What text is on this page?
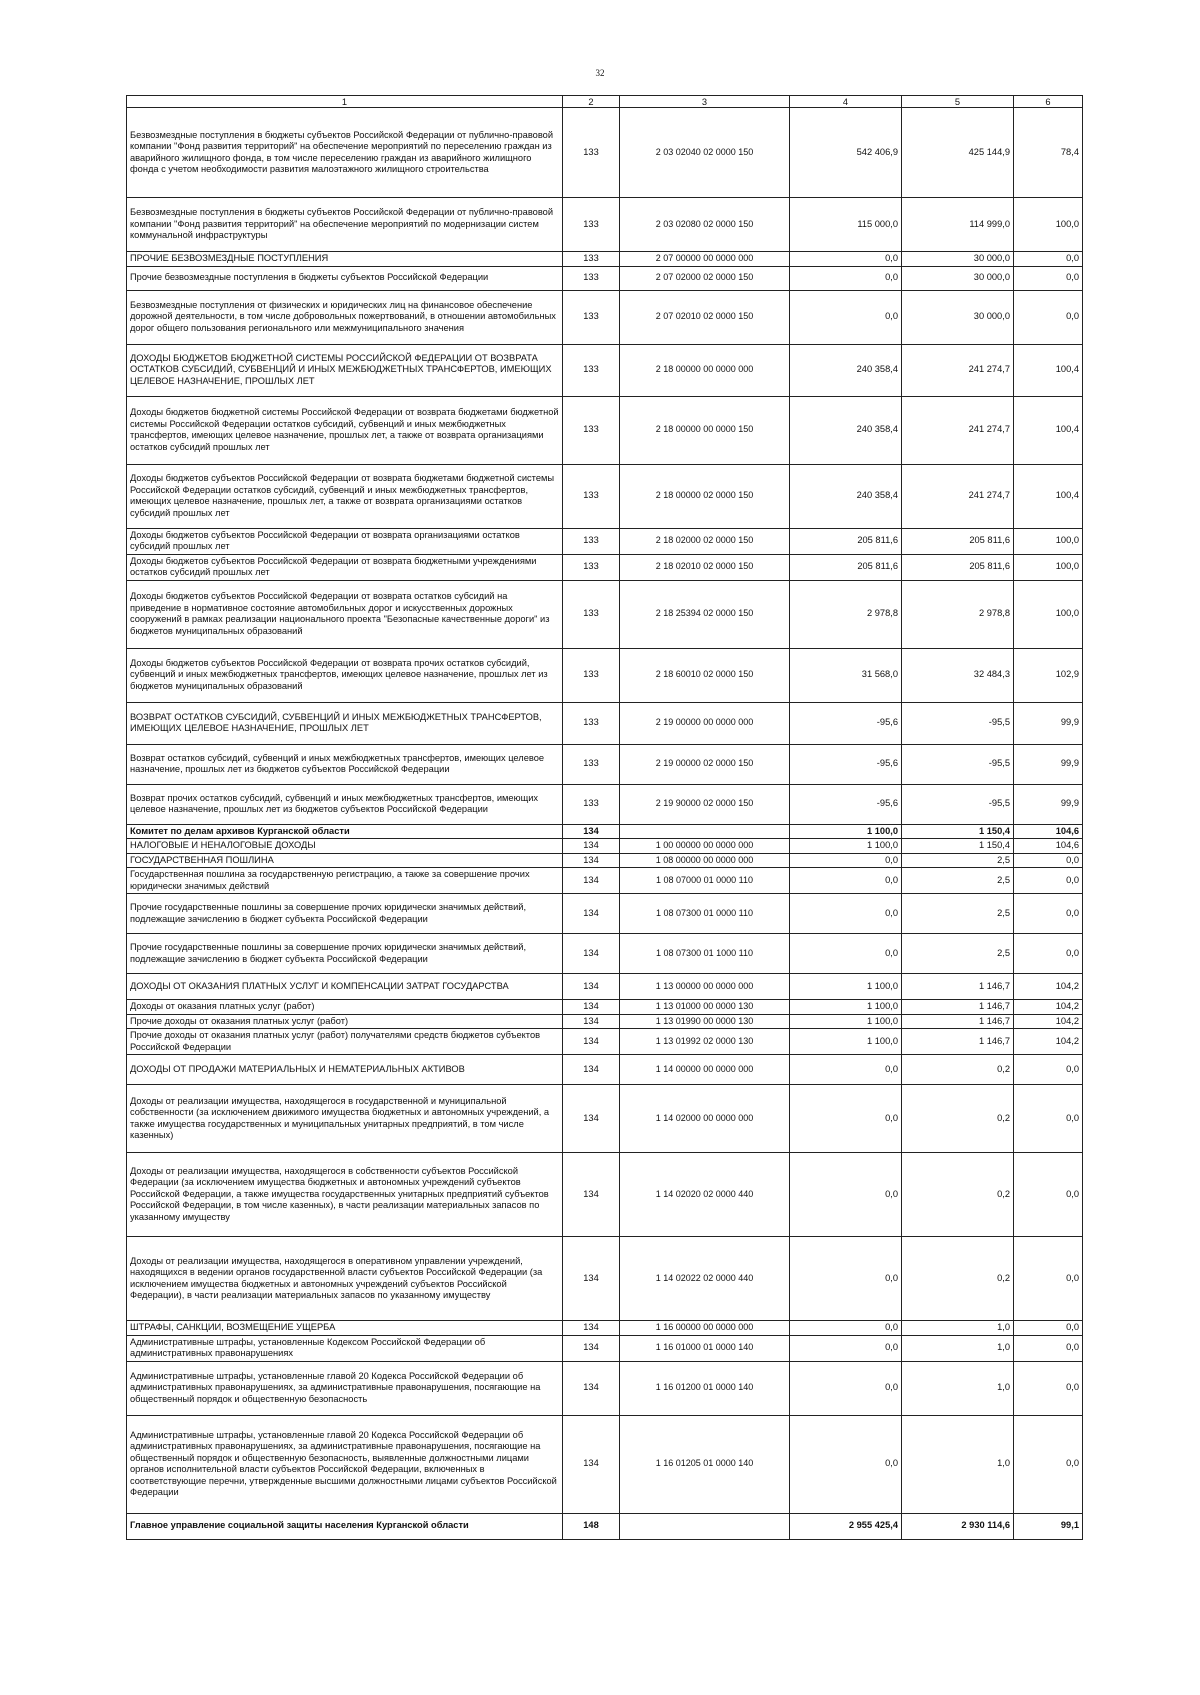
32
1	2	3	4	5	6
Безвозмездные поступления в бюджеты субъектов Российской Федерации от публично-правовой компании "Фонд развития территорий" на обеспечение мероприятий по переселению граждан из аварийного жилищного фонда, в том числе переселению граждан из аварийного жилищного фонда с учетом необходимости развития малоэтажного жилищного строительства	133	2 03 02040 02 0000 150	542 406,9	425 144,9	78,4
Безвозмездные поступления в бюджеты субъектов Российской Федерации от публично-правовой компании "Фонд развития территорий" на обеспечение мероприятий по модернизации систем коммунальной инфраструктуры	133	2 03 02080 02 0000 150	115 000,0	114 999,0	100,0
ПРОЧИЕ БЕЗВОЗМЕЗДНЫЕ ПОСТУПЛЕНИЯ	133	2 07 00000 00 0000 000	0,0	30 000,0	0,0
Прочие безвозмездные поступления в бюджеты субъектов Российской Федерации	133	2 07 02000 02 0000 150	0,0	30 000,0	0,0
Безвозмездные поступления от физических и юридических лиц на финансовое обеспечение дорожной деятельности, в том числе добровольных пожертвований, в отношении автомобильных дорог общего пользования регионального или межмуниципального значения	133	2 07 02010 02 0000 150	0,0	30 000,0	0,0
ДОХОДЫ БЮДЖЕТОВ БЮДЖЕТНОЙ СИСТЕМЫ РОССИЙСКОЙ ФЕДЕРАЦИИ ОТ ВОЗВРАТА ОСТАТКОВ СУБСИДИЙ, СУБВЕНЦИЙ И ИНЫХ МЕЖБЮДЖЕТНЫХ ТРАНСФЕРТОВ, ИМЕЮЩИХ ЦЕЛЕВОЕ НАЗНАЧЕНИЕ, ПРОШЛЫХ ЛЕТ	133	2 18 00000 00 0000 000	240 358,4	241 274,7	100,4
Доходы бюджетов бюджетной системы Российской Федерации от возврата бюджетами бюджетной системы Российской Федерации остатков субсидий, субвенций и иных межбюджетных трансфертов, имеющих целевое назначение, прошлых лет, а также от возврата организациями остатков субсидий прошлых лет	133	2 18 00000 00 0000 150	240 358,4	241 274,7	100,4
Доходы бюджетов субъектов Российской Федерации от возврата бюджетами бюджетной системы Российской Федерации остатков субсидий, субвенций и иных межбюджетных трансфертов, имеющих целевое назначение, прошлых лет, а также от возврата организациями остатков субсидий прошлых лет	133	2 18 00000 02 0000 150	240 358,4	241 274,7	100,4
Доходы бюджетов субъектов Российской Федерации от возврата организациями остатков субсидий прошлых лет	133	2 18 02000 02 0000 150	205 811,6	205 811,6	100,0
Доходы бюджетов субъектов Российской Федерации от возврата бюджетными учреждениями остатков субсидий прошлых лет	133	2 18 02010 02 0000 150	205 811,6	205 811,6	100,0
Доходы бюджетов субъектов Российской Федерации от возврата остатков субсидий на приведение в нормативное состояние автомобильных дорог и искусственных дорожных сооружений в рамках реализации национального проекта "Безопасные качественные дороги" из бюджетов муниципальных образований	133	2 18 25394 02 0000 150	2 978,8	2 978,8	100,0
Доходы бюджетов субъектов Российской Федерации от возврата прочих остатков субсидий, субвенций и иных межбюджетных трансфертов, имеющих целевое назначение, прошлых лет из бюджетов муниципальных образований	133	2 18 60010 02 0000 150	31 568,0	32 484,3	102,9
ВОЗВРАТ ОСТАТКОВ СУБСИДИЙ, СУБВЕНЦИЙ И ИНЫХ МЕЖБЮДЖЕТНЫХ ТРАНСФЕРТОВ, ИМЕЮЩИХ ЦЕЛЕВОЕ НАЗНАЧЕНИЕ, ПРОШЛЫХ ЛЕТ	133	2 19 00000 00 0000 000	-95,6	-95,5	99,9
Возврат остатков субсидий, субвенций и иных межбюджетных трансфертов, имеющих целевое назначение, прошлых лет из бюджетов субъектов Российской Федерации	133	2 19 00000 02 0000 150	-95,6	-95,5	99,9
Возврат прочих остатков субсидий, субвенций и иных межбюджетных трансфертов, имеющих целевое назначение, прошлых лет из бюджетов субъектов Российской Федерации	133	2 19 90000 02 0000 150	-95,6	-95,5	99,9
Комитет по делам архивов Курганской области	134		1 100,0	1 150,4	104,6
НАЛОГОВЫЕ И НЕНАЛОГОВЫЕ ДОХОДЫ	134	1 00 00000 00 0000 000	1 100,0	1 150,4	104,6
ГОСУДАРСТВЕННАЯ ПОШЛИНА	134	1 08 00000 00 0000 000	0,0	2,5	0,0
Государственная пошлина за государственную регистрацию, а также за совершение прочих юридически значимых действий	134	1 08 07000 01 0000 110	0,0	2,5	0,0
Прочие государственные пошлины за совершение прочих юридически значимых действий, подлежащие зачислению в бюджет субъекта Российской Федерации	134	1 08 07300 01 0000 110	0,0	2,5	0,0
Прочие государственные пошлины за совершение прочих юридически значимых действий, подлежащие зачислению в бюджет субъекта Российской Федерации	134	1 08 07300 01 1000 110	0,0	2,5	0,0
ДОХОДЫ ОТ ОКАЗАНИЯ ПЛАТНЫХ УСЛУГ И КОМПЕНСАЦИИ ЗАТРАТ ГОСУДАРСТВА	134	1 13 00000 00 0000 000	1 100,0	1 146,7	104,2
Доходы от оказания платных услуг (работ)	134	1 13 01000 00 0000 130	1 100,0	1 146,7	104,2
Прочие доходы от оказания платных услуг (работ)	134	1 13 01990 00 0000 130	1 100,0	1 146,7	104,2
Прочие доходы от оказания платных услуг (работ) получателями средств бюджетов субъектов Российской Федерации	134	1 13 01992 02 0000 130	1 100,0	1 146,7	104,2
ДОХОДЫ ОТ ПРОДАЖИ МАТЕРИАЛЬНЫХ И НЕМАТЕРИАЛЬНЫХ АКТИВОВ	134	1 14 00000 00 0000 000	0,0	0,2	0,0
Доходы от реализации имущества, находящегося в государственной и муниципальной собственности (за исключением движимого имущества бюджетных и автономных учреждений, а также имущества государственных и муниципальных унитарных предприятий, в том числе казенных)	134	1 14 02000 00 0000 000	0,0	0,2	0,0
Доходы от реализации имущества, находящегося в собственности субъектов Российской Федерации (за исключением имущества бюджетных и автономных учреждений субъектов Российской Федерации, а также имущества государственных унитарных предприятий субъектов Российской Федерации, в том числе казенных), в части реализации материальных запасов по указанному имуществу	134	1 14 02020 02 0000 440	0,0	0,2	0,0
Доходы от реализации имущества, находящегося в оперативном управлении учреждений, находящихся в ведении органов государственной власти субъектов Российской Федерации (за исключением имущества бюджетных и автономных учреждений субъектов Российской Федерации), в части реализации материальных запасов по указанному имуществу	134	1 14 02022 02 0000 440	0,0	0,2	0,0
ШТРАФЫ, САНКЦИИ, ВОЗМЕЩЕНИЕ УЩЕРБА	134	1 16 00000 00 0000 000	0,0	1,0	0,0
Административные штрафы, установленные Кодексом Российской Федерации об административных правонарушениях	134	1 16 01000 01 0000 140	0,0	1,0	0,0
Административные штрафы, установленные главой 20 Кодекса Российской Федерации об административных правонарушениях, за административные правонарушения, посягающие на общественный порядок и общественную безопасность	134	1 16 01200 01 0000 140	0,0	1,0	0,0
Административные штрафы, установленные главой 20 Кодекса Российской Федерации об административных правонарушениях, за административные правонарушения, посягающие на общественный порядок и общественную безопасность, выявленные должностными лицами органов исполнительной власти субъектов Российской Федерации, включенных в соответствующие перечни, утвержденные высшими должностными лицами субъектов Российской Федерации	134	1 16 01205 01 0000 140	0,0	1,0	0,0
Главное управление социальной защиты населения Курганской области	148		2 955 425,4	2 930 114,6	99,1
